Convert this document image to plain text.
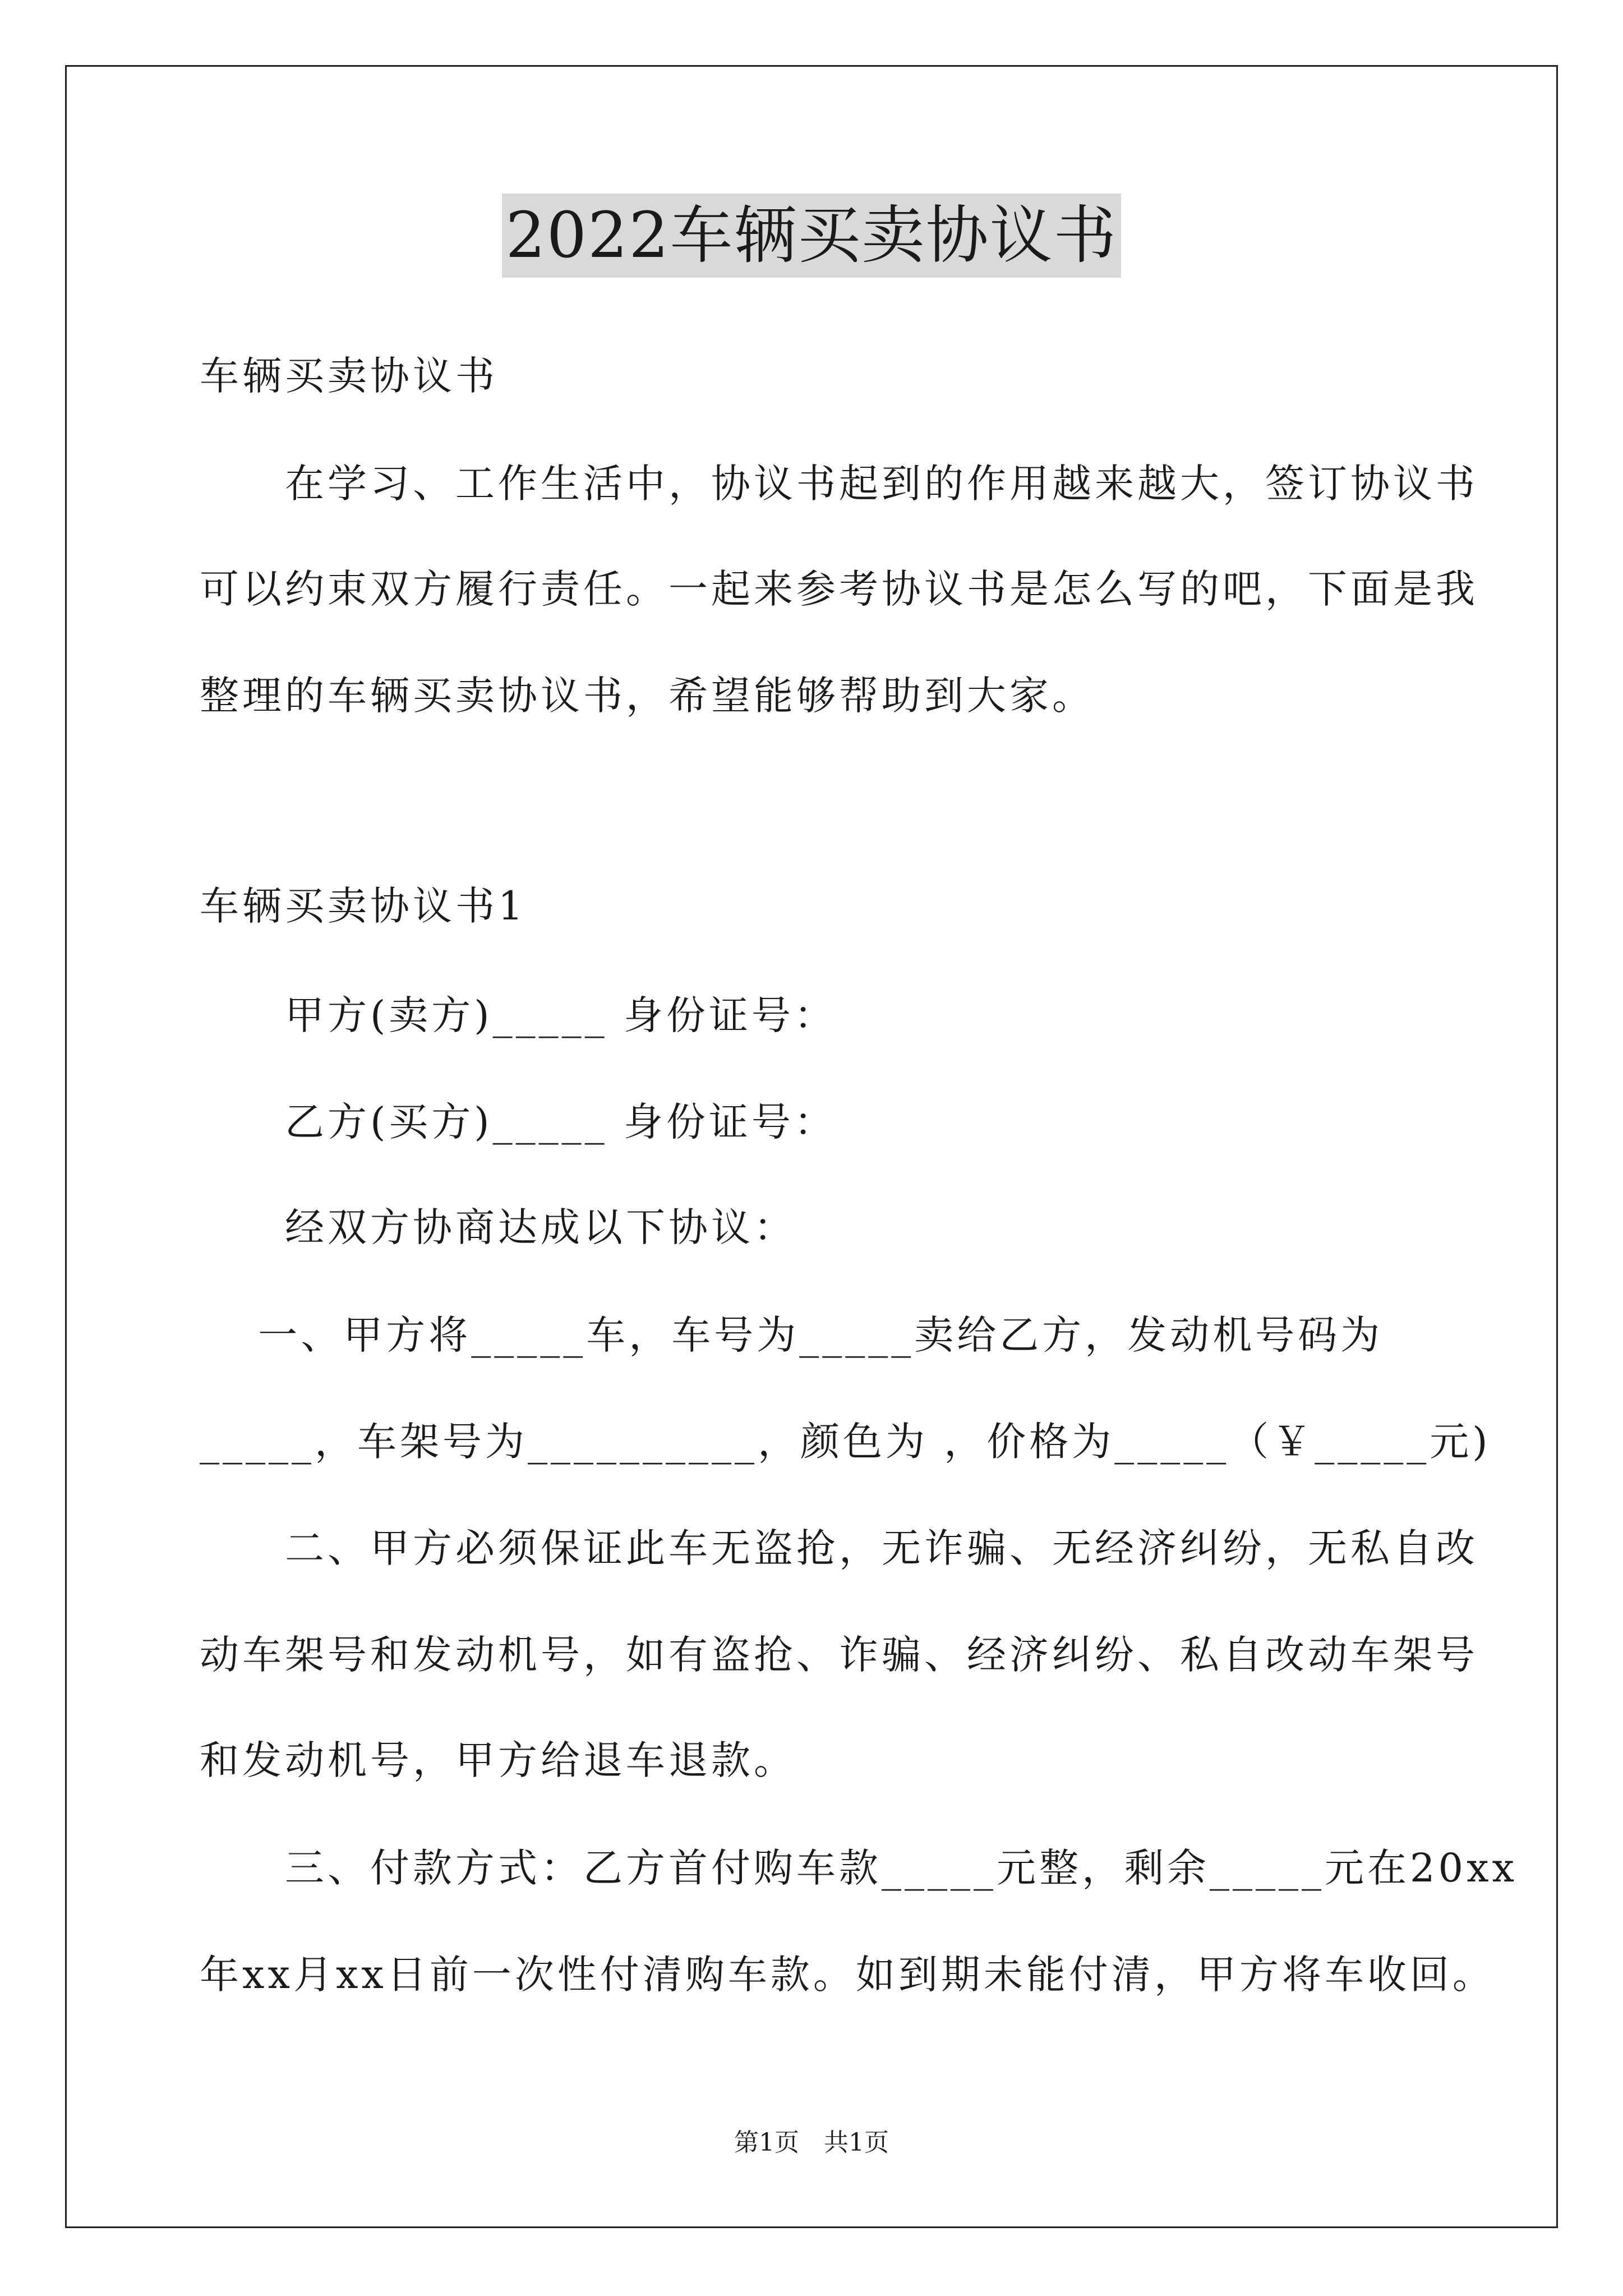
2022车辆买卖协议书
车辆买卖协议书
　　在学习、工作生活中，协议书起到的作用越来越大，签订协议书
可以约束双方履行责任。一起来参考协议书是怎么写的吧，下面是我
整理的车辆买卖协议书，希望能够帮助到大家。
车辆买卖协议书1
　　甲方(卖方)_____ 身份证号：
　　乙方(买方)_____ 身份证号：
　　经双方协商达成以下协议：
　 一、甲方将_____车，车号为_____卖给乙方，发动机号码为
_____，车架号为__________，颜色为 ，价格为_____（￥_____元)
　　二、甲方必须保证此车无盗抢，无诈骗、无经济纠纷，无私自改
动车架号和发动机号，如有盗抢、诈骗、经济纠纷、私自改动车架号
和发动机号，甲方给退车退款。
　　三、付款方式：乙方首付购车款_____元整，剩余_____元在20xx
年xx月xx日前一次性付清购车款。如到期未能付清，甲方将车收回。
第1页　共1页
